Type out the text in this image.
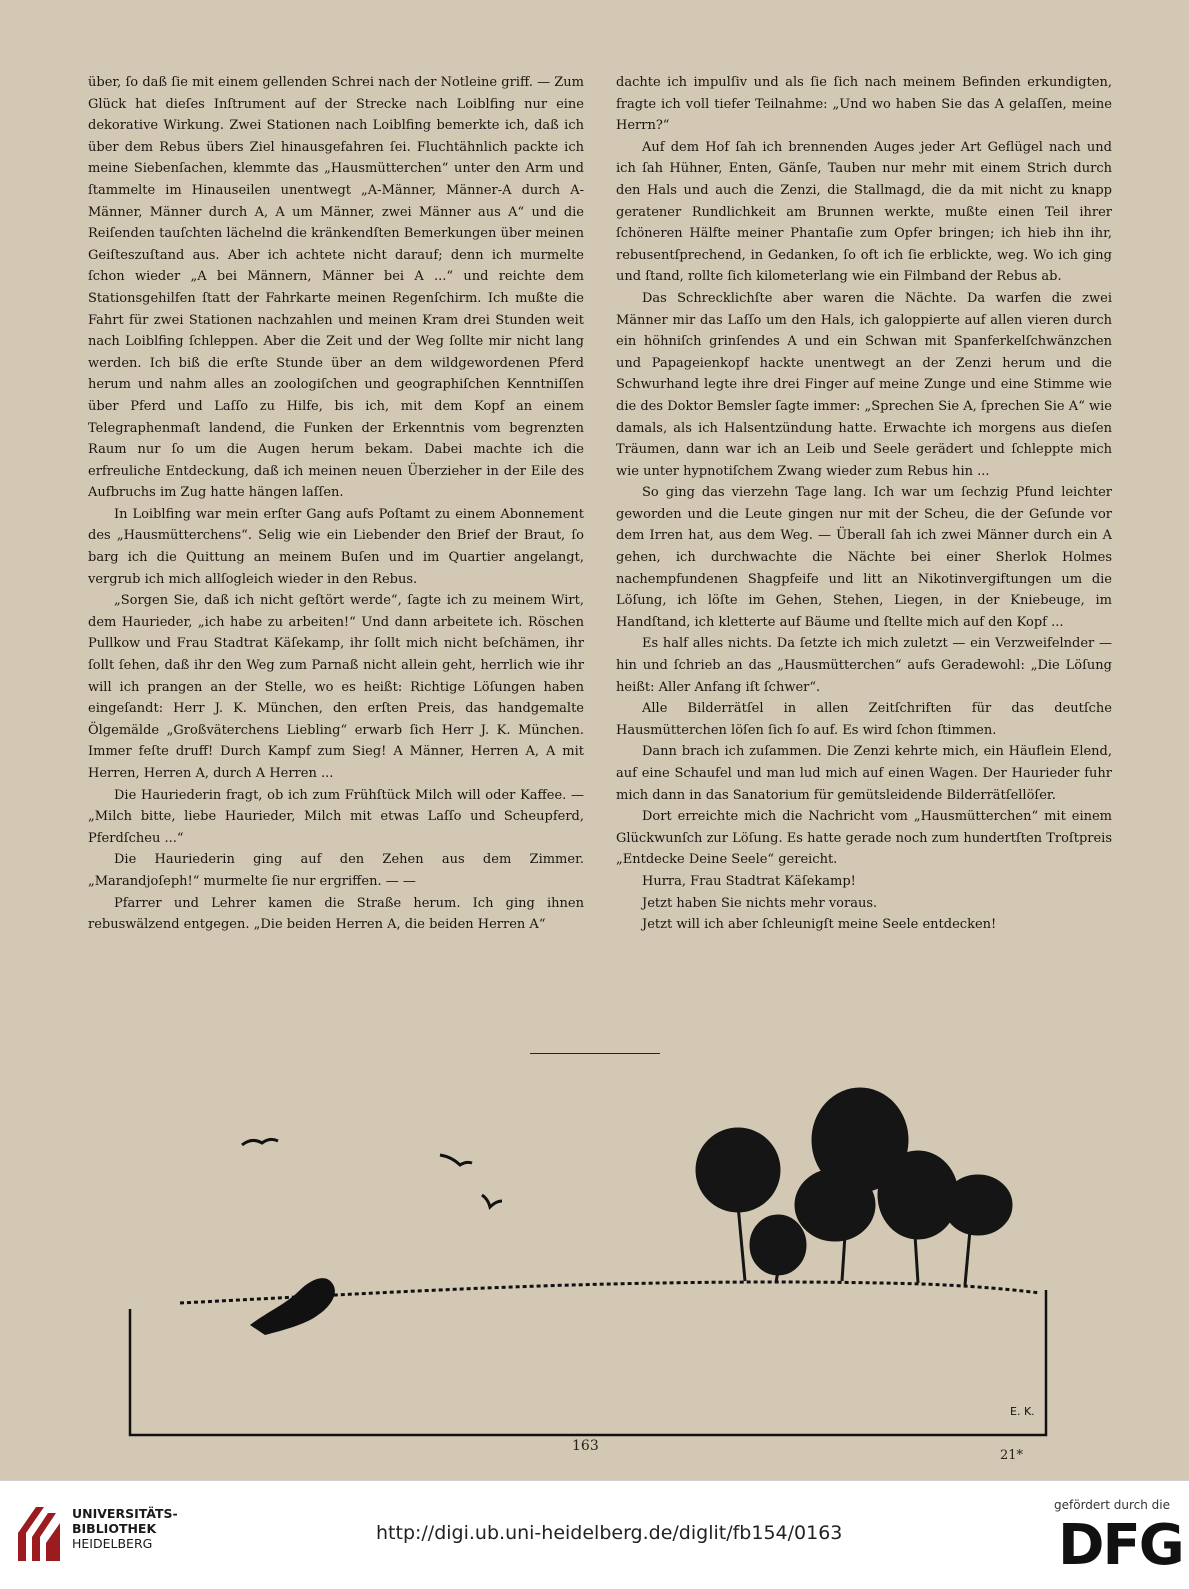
über, ſo daß ſie mit einem gellenden Schrei nach der Notleine griff. — Zum Glück hat dieſes Inſtrument auf der Strecke nach Loiblfing nur eine dekorative Wirkung. Zwei Stationen nach Loiblfing bemerkte ich, daß ich über dem Rebus übers Ziel hinausgefahren ſei. Fluchtähnlich packte ich meine Siebenſachen, klemmte das „Hausmütterchen“ unter den Arm und ſtammelte im Hinauseilen unentwegt „A-Männer, Männer-A durch A-Männer, Männer durch A, A um Männer, zwei Männer aus A“ und die Reiſenden tauſchten lächelnd die kränkendſten Bemerkungen über meinen Geiſteszuſtand aus. Aber ich achtete nicht darauf; denn ich murmelte ſchon wieder „A bei Männern, Männer bei A ...“ und reichte dem Stationsgehilfen ſtatt der Fahrkarte meinen Regenſchirm. Ich mußte die Fahrt für zwei Stationen nachzahlen und meinen Kram drei Stunden weit nach Loiblfing ſchleppen. Aber die Zeit und der Weg ſollte mir nicht lang werden. Ich biß die erſte Stunde über an dem wildgewordenen Pferd herum und nahm alles an zoologiſchen und geographiſchen Kenntniſſen über Pferd und Laſſo zu Hilfe, bis ich, mit dem Kopf an einem Telegraphenmaſt landend, die Funken der Erkenntnis vom begrenzten Raum nur ſo um die Augen herum bekam. Dabei machte ich die erfreuliche Entdeckung, daß ich meinen neuen Überzieher in der Eile des Aufbruchs im Zug hatte hängen laſſen.

In Loiblfing war mein erſter Gang aufs Poſtamt zu einem Abonnement des „Hausmütterchens“. Selig wie ein Liebender den Brief der Braut, ſo barg ich die Quittung an meinem Buſen und im Quartier angelangt, vergrub ich mich allſogleich wieder in den Rebus.

„Sorgen Sie, daß ich nicht geſtört werde“, ſagte ich zu meinem Wirt, dem Haurieder, „ich habe zu arbeiten!“ Und dann arbeitete ich. Röschen Pullkow und Frau Stadtrat Käſekamp, ihr ſollt mich nicht beſchämen, ihr ſollt ſehen, daß ihr den Weg zum Parnaß nicht allein geht, herrlich wie ihr will ich prangen an der Stelle, wo es heißt: Richtige Löſungen haben eingeſandt: Herr J. K. München, den erſten Preis, das handgemalte Ölgemälde „Großväterchens Liebling“ erwarb ſich Herr J. K. München. Immer feſte druff! Durch Kampf zum Sieg! A Männer, Herren A, A mit Herren, Herren A, durch A Herren ...

Die Hauriederin fragt, ob ich zum Frühſtück Milch will oder Kaffee. — „Milch bitte, liebe Haurieder, Milch mit etwas Laſſo und Scheupferd, Pferdſcheu ...“

Die Hauriederin ging auf den Zehen aus dem Zimmer. „Marandjoſeph!“ murmelte ſie nur ergriffen. — —

Pfarrer und Lehrer kamen die Straße herum. Ich ging ihnen rebuswälzend entgegen. „Die beiden Herren A, die beiden Herren A“

dachte ich impulſiv und als ſie ſich nach meinem Befinden erkundigten, fragte ich voll tiefer Teilnahme: „Und wo haben Sie das A gelaſſen, meine Herrn?“

Auf dem Hof ſah ich brennenden Auges jeder Art Geflügel nach und ich ſah Hühner, Enten, Gänſe, Tauben nur mehr mit einem Strich durch den Hals und auch die Zenzi, die Stallmagd, die da mit nicht zu knapp geratener Rundlichkeit am Brunnen werkte, mußte einen Teil ihrer ſchöneren Hälfte meiner Phantaſie zum Opfer bringen; ich hieb ihn ihr, rebusentſprechend, in Gedanken, ſo oft ich ſie erblickte, weg. Wo ich ging und ſtand, rollte ſich kilometerlang wie ein Filmband der Rebus ab.

Das Schrecklichſte aber waren die Nächte. Da warfen die zwei Männer mir das Laſſo um den Hals, ich galoppierte auf allen vieren durch ein höhniſch grinſendes A und ein Schwan mit Spanferkelſchwänzchen und Papageienkopf hackte unentwegt an der Zenzi herum und die Schwurhand legte ihre drei Finger auf meine Zunge und eine Stimme wie die des Doktor Bemsler ſagte immer: „Sprechen Sie A, ſprechen Sie A“ wie damals, als ich Halsentzündung hatte. Erwachte ich morgens aus dieſen Träumen, dann war ich an Leib und Seele gerädert und ſchleppte mich wie unter hypnotiſchem Zwang wieder zum Rebus hin ...

So ging das vierzehn Tage lang. Ich war um ſechzig Pfund leichter geworden und die Leute gingen nur mit der Scheu, die der Geſunde vor dem Irren hat, aus dem Weg. — Überall ſah ich zwei Männer durch ein A gehen, ich durchwachte die Nächte bei einer Sherlok Holmes nachempfundenen Shagpfeife und litt an Nikotinvergiftungen um die Löſung, ich löſte im Gehen, Stehen, Liegen, in der Kniebeuge, im Handſtand, ich kletterte auf Bäume und ſtellte mich auf den Kopf ...

Es half alles nichts. Da ſetzte ich mich zuletzt — ein Verzweifelnder — hin und ſchrieb an das „Hausmütterchen“ aufs Geradewohl: „Die Löſung heißt: Aller Anfang iſt ſchwer“.

Alle Bilderrätſel in allen Zeitſchriften für das deutſche Hausmütterchen löſen ſich ſo auf. Es wird ſchon ſtimmen.

Dann brach ich zuſammen. Die Zenzi kehrte mich, ein Häuflein Elend, auf eine Schaufel und man lud mich auf einen Wagen. Der Haurieder fuhr mich dann in das Sanatorium für gemütsleidende Bilderrätſellöſer.

Dort erreichte mich die Nachricht vom „Hausmütterchen“ mit einem Glückwunſch zur Löſung. Es hatte gerade noch zum hundertſten Troſtpreis „Entdecke Deine Seele“ gereicht.

Hurra, Frau Stadtrat Käſekamp!

Jetzt haben Sie nichts mehr voraus.

Jetzt will ich aber ſchleunigſt meine Seele entdecken!

E. K.
163
21*
UNIVERSITÄTS-
BIBLIOTHEK
HEIDELBERG	http://digi.ub.uni-heidelberg.de/diglit/fb154/0163
gefördert durch die
DFG
